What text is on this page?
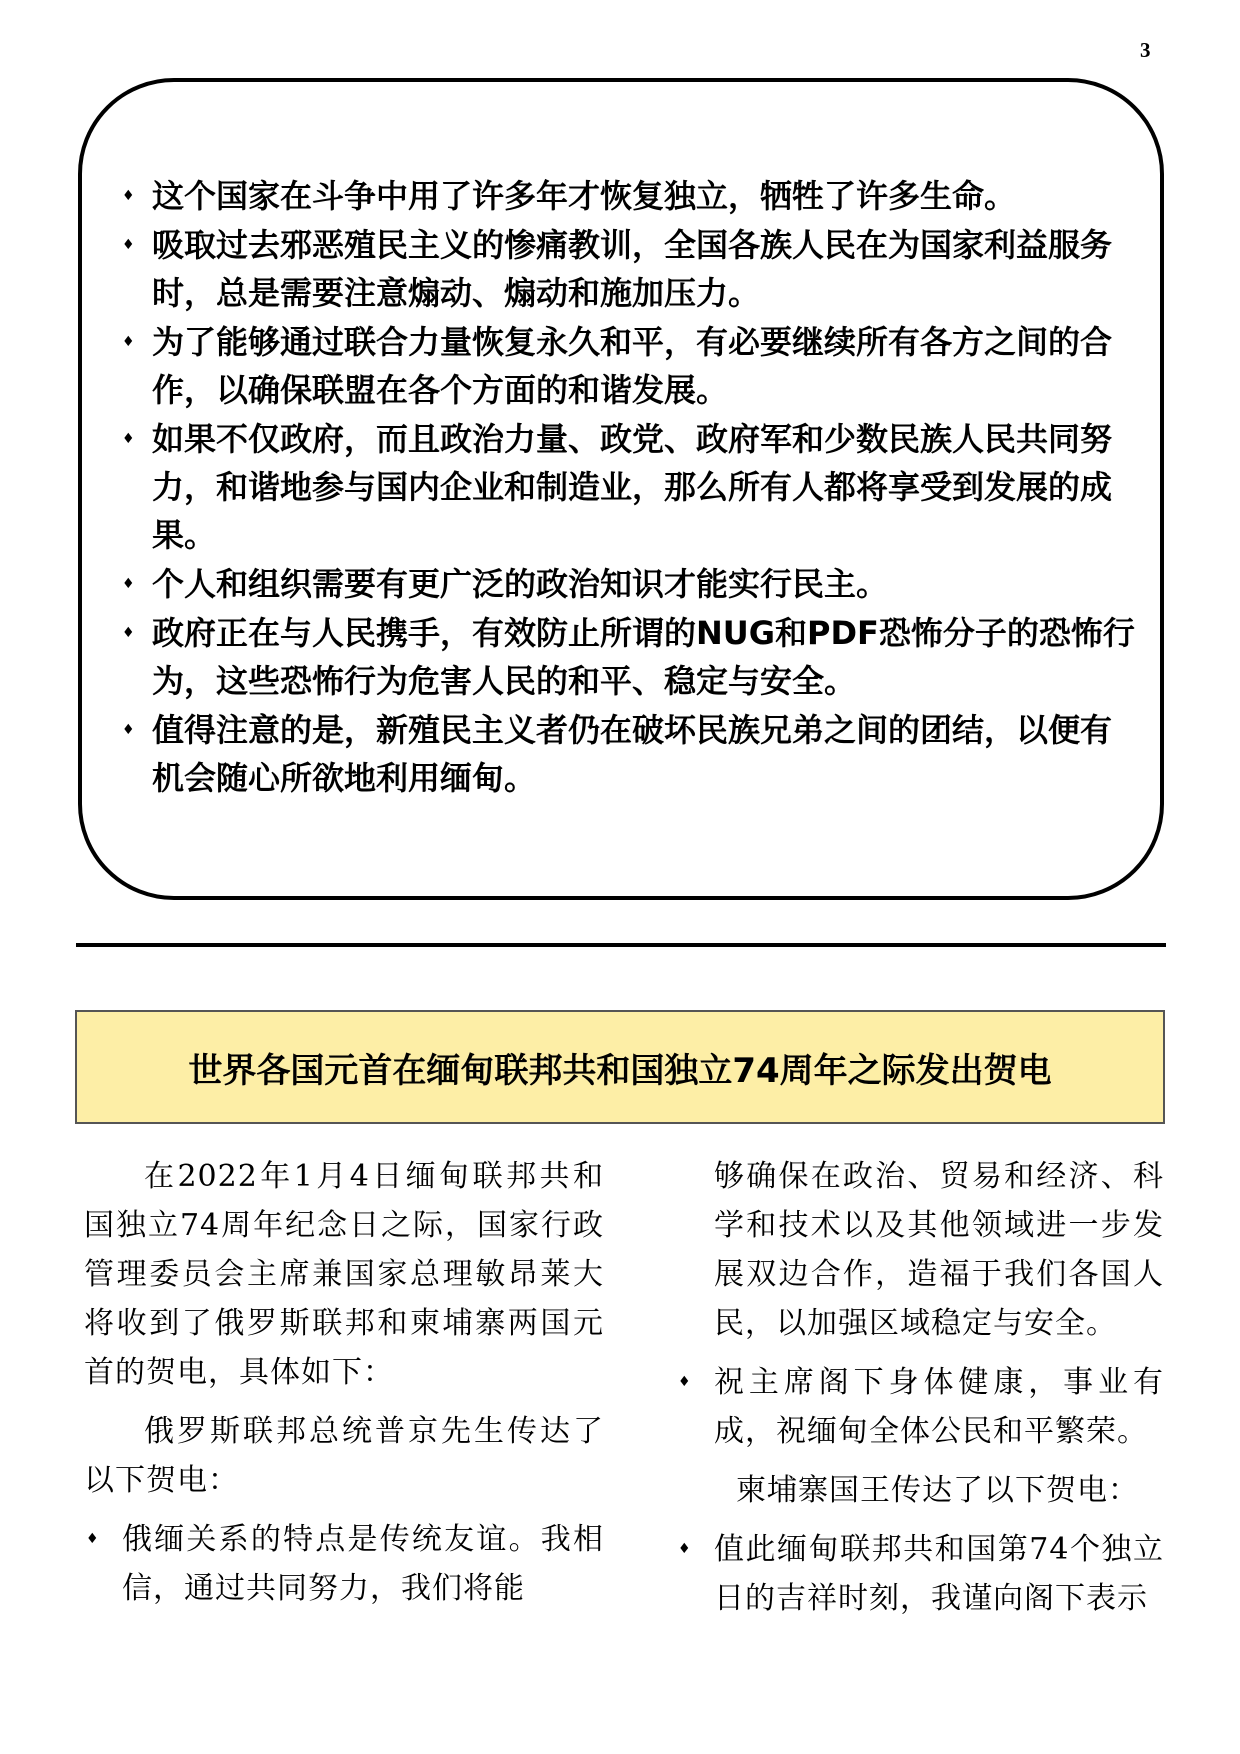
3
♦ 这个国家在斗争中用了许多年才恢复独立，牺牲了许多生命。
♦ 吸取过去邪恶殖民主义的惨痛教训，全国各族人民在为国家利益服务时，总是需要注意煽动、煽动和施加压力。
♦ 为了能够通过联合力量恢复永久和平，有必要继续所有各方之间的合作，以确保联盟在各个方面的和谐发展。
♦ 如果不仅政府，而且政治力量、政党、政府军和少数民族人民共同努力，和谐地参与国内企业和制造业，那么所有人都将享受到发展的成果。
♦ 个人和组织需要有更广泛的政治知识才能实行民主。
♦ 政府正在与人民携手，有效防止所谓的NUG和PDF恐怖分子的恐怖行为，这些恐怖行为危害人民的和平、稳定与安全。
♦ 值得注意的是，新殖民主义者仍在破坏民族兄弟之间的团结，以便有机会随心所欲地利用缅甸。
世界各国元首在缅甸联邦共和国独立74周年之际发出贺电

在2022年1月4日缅甸联邦共和国独立74周年纪念日之际，国家行政管理委员会主席兼国家总理敏昂莱大将收到了俄罗斯联邦和柬埔寨两国元首的贺电，具体如下：

俄罗斯联邦总统普京先生传达了以下贺电：

♦ 俄缅关系的特点是传统友谊。我相信，通过共同努力，我们将能

够确保在政治、贸易和经济、科学和技术以及其他领域进一步发展双边合作，造福于我们各国人民，以加强区域稳定与安全。

♦ 祝主席阁下身体健康，事业有成，祝缅甸全体公民和平繁荣。

柬埔寨国王传达了以下贺电：

♦ 值此缅甸联邦共和国第74个独立日的吉祥时刻，我谨向阁下表示
